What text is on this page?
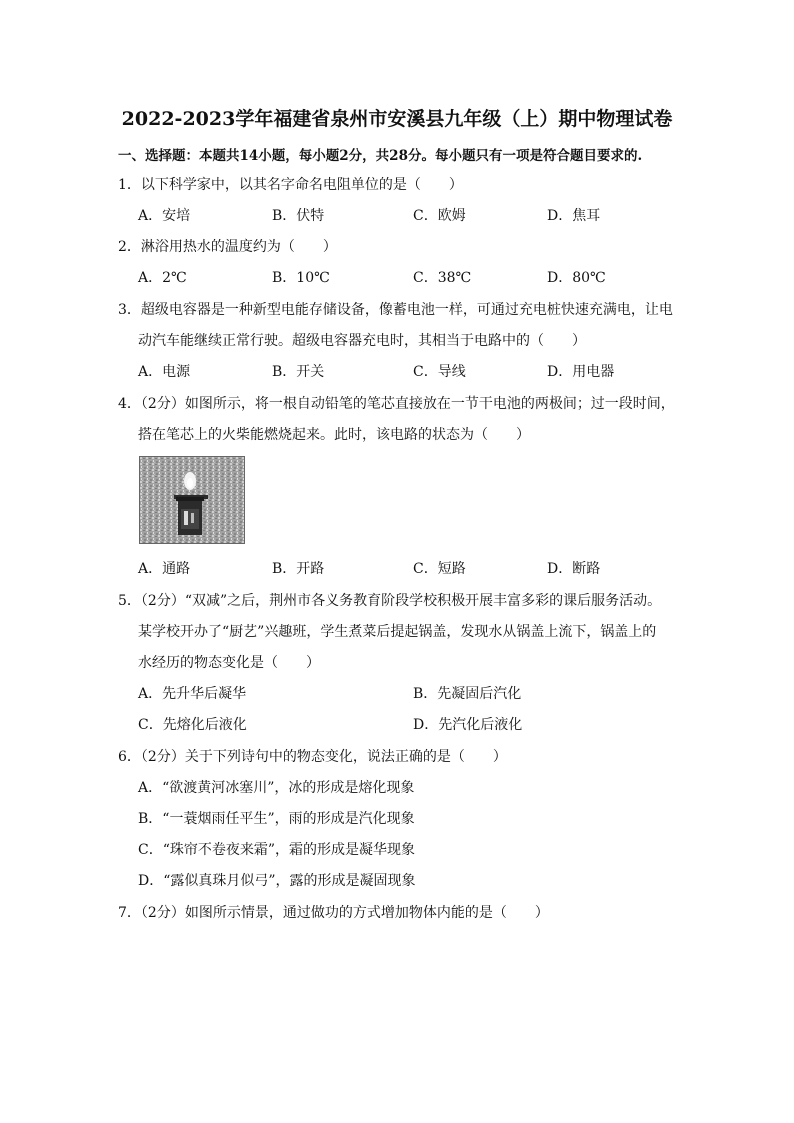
2022-2023学年福建省泉州市安溪县九年级（上）期中物理试卷
一、选择题：本题共14小题，每小题2分，共28分。每小题只有一项是符合题目要求的.
1．以下科学家中，以其名字命名电阻单位的是（　　）
A．安培	B．伏特	C．欧姆	D．焦耳
2．淋浴用热水的温度约为（　　）
A．2℃	B．10℃	C．38℃	D．80℃
3．超级电容器是一种新型电能存储设备，像蓄电池一样，可通过充电桩快速充满电，让电
动汽车能继续正常行驶。超级电容器充电时，其相当于电路中的（　　）
A．电源	B．开关	C．导线	D．用电器
4．（2分）如图所示，将一根自动铅笔的笔芯直接放在一节干电池的两极间；过一段时间，
搭在笔芯上的火柴能燃烧起来。此时，该电路的状态为（　　）
A．通路	B．开路	C．短路	D．断路
5．（2分）“双减”之后，荆州市各义务教育阶段学校积极开展丰富多彩的课后服务活动。
某学校开办了“厨艺”兴趣班，学生煮菜后提起锅盖，发现水从锅盖上流下，锅盖上的
水经历的物态变化是（　　）
A．先升华后凝华	B．先凝固后汽化
C．先熔化后液化	D．先汽化后液化
6．（2分）关于下列诗句中的物态变化，说法正确的是（　　）
A．“欲渡黄河冰塞川”，冰的形成是熔化现象
B．“一蓑烟雨任平生”，雨的形成是汽化现象
C．“珠帘不卷夜来霜”，霜的形成是凝华现象
D．“露似真珠月似弓”，露的形成是凝固现象
7．（2分）如图所示情景，通过做功的方式增加物体内能的是（　　）
